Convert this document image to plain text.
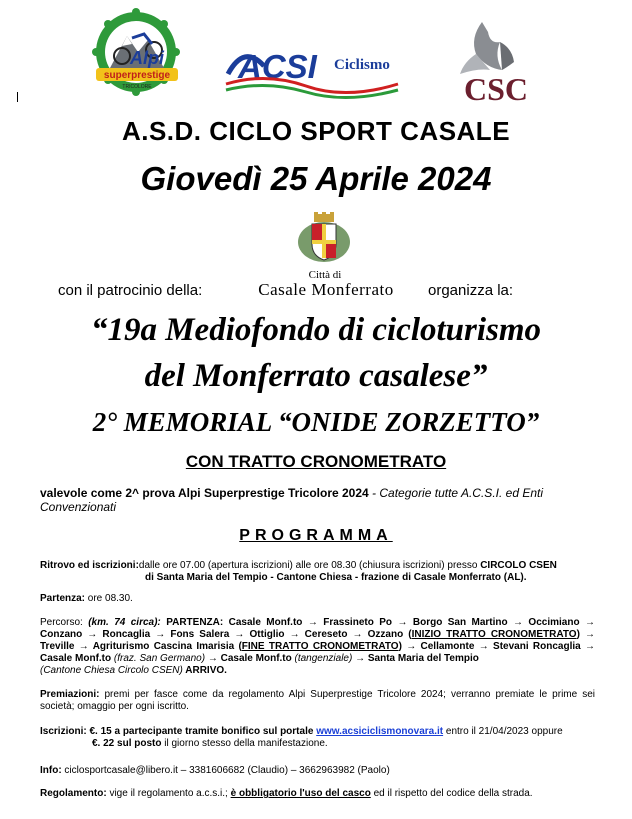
Alpi
superprestige
TRICOLORE
ACSI Ciclismo
CSC
A.S.D. CICLO SPORT CASALE
Giovedì 25 Aprile 2024
con il patrocinio della:
Città di
Casale Monferrato	organizza la:
“19a Mediofondo di cicloturismo
del Monferrato casalese”
2° MEMORIAL “ONIDE ZORZETTO”
CON TRATTO CRONOMETRATO
valevole come 2^ prova Alpi Superprestige Tricolore 2024 - Categorie tutte A.C.S.I. ed Enti Convenzionati
PROGRAMMA
Ritrovo ed iscrizioni:dalle ore 07.00 (apertura iscrizioni) alle ore 08.30 (chiusura iscrizioni) presso CIRCOLO CSEN
di Santa Maria del Tempio - Cantone Chiesa - frazione di Casale Monferrato (AL).
Partenza: ore 08.30.
Percorso: (km. 74 circa): PARTENZA: Casale Monf.to → Frassineto Po → Borgo San Martino → Occimiano → Conzano → Roncaglia → Fons Salera → Ottiglio → Cereseto → Ozzano (INIZIO TRATTO CRONOMETRATO) → Treville → Agriturismo Cascina Imarisia (FINE TRATTO CRONOMETRATO) → Cellamonte → Stevani Roncaglia → Casale Monf.to (fraz. San Germano) → Casale Monf.to (tangenziale) → Santa Maria del Tempio
(Cantone Chiesa Circolo CSEN) ARRIVO.
Premiazioni: premi per fasce come da regolamento Alpi Superprestige Tricolore 2024; verranno premiate le prime sei società; omaggio per ogni iscritto.
Iscrizioni: €. 15 a partecipante tramite bonifico sul portale www.acsiciclismonovara.it entro il 21/04/2023 oppure
€. 22 sul posto il giorno stesso della manifestazione.
Info: ciclosportcasale@libero.it – 3381606682 (Claudio) – 3662963982 (Paolo)
Regolamento: vige il regolamento a.c.s.i.; è obbligatorio l'uso del casco ed il rispetto del codice della strada.
